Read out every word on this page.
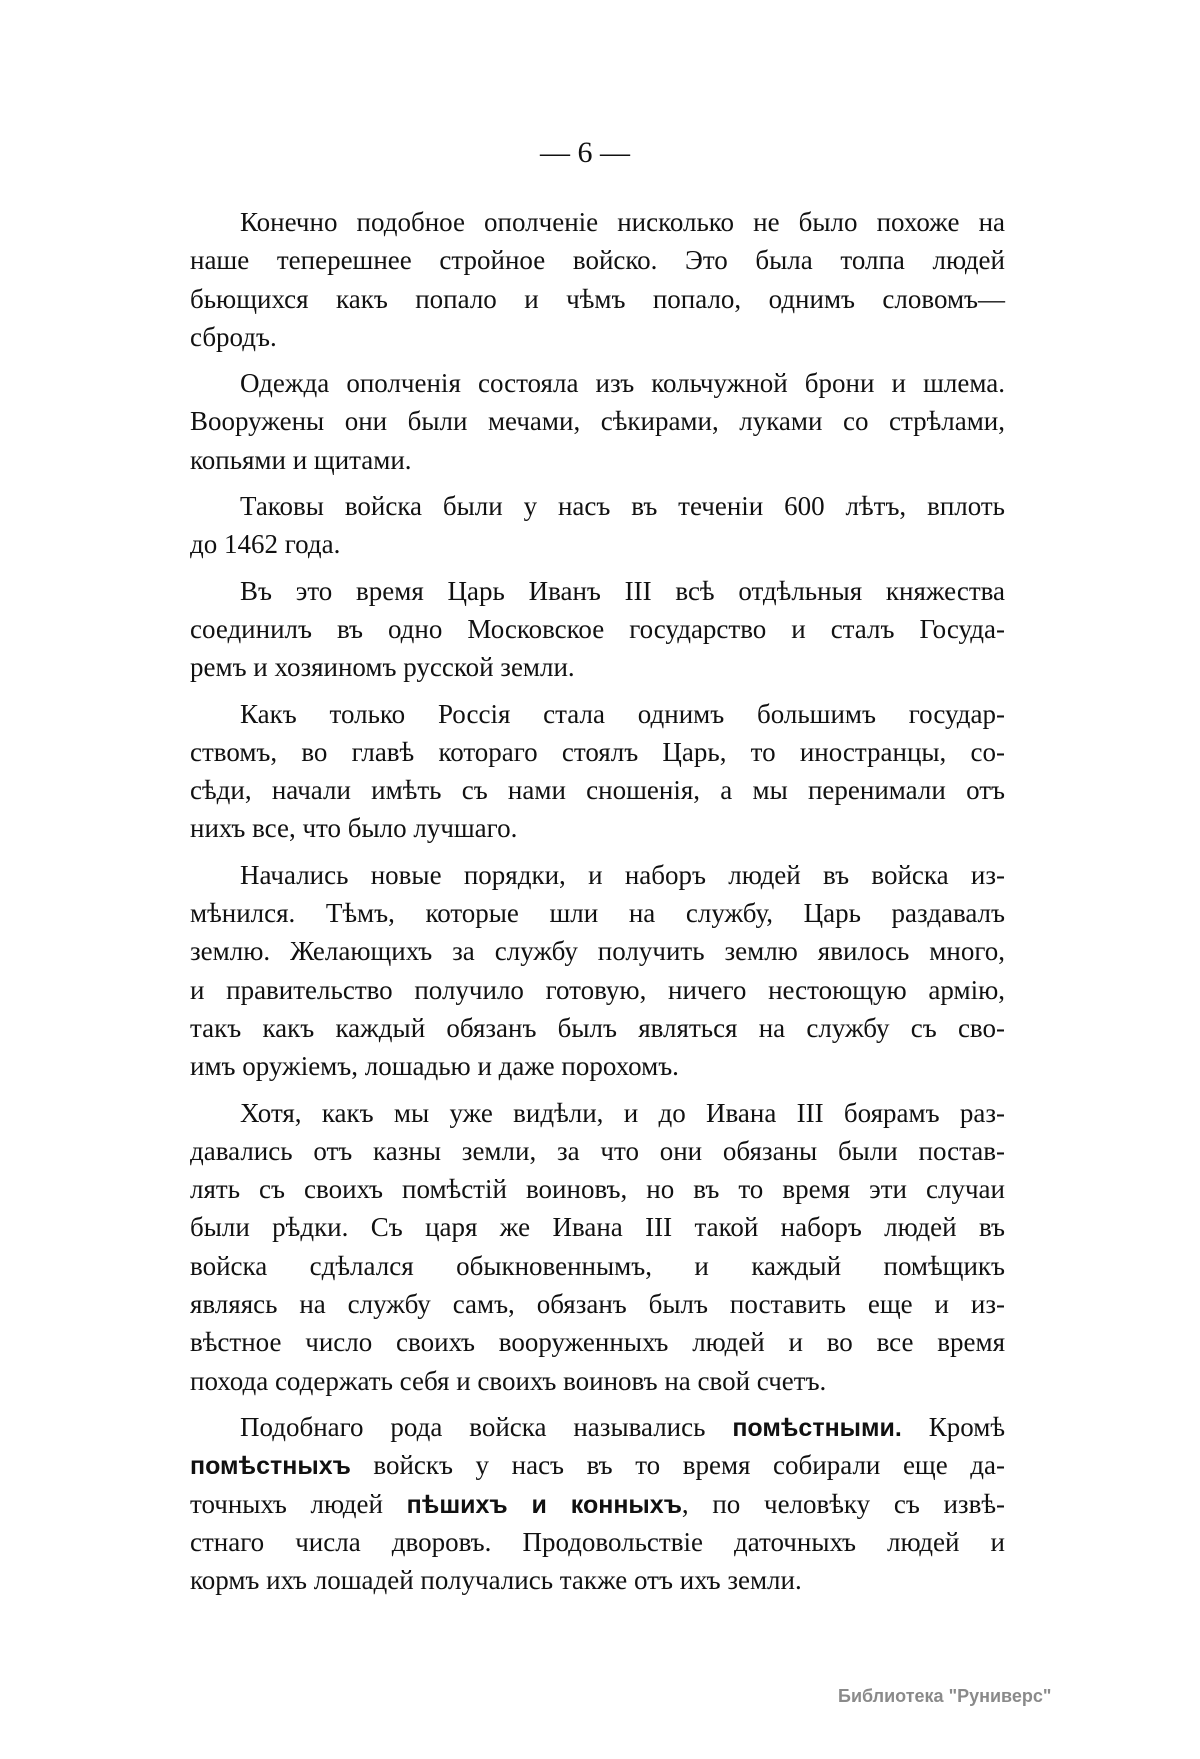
— 6 —
Конечно подобное ополченіе нисколько не было похоже на
наше теперешнее стройное войско. Это была толпа людей
бьющихся какъ попало и чѣмъ попало, однимъ словомъ—
сбродъ.
Одежда ополченія состояла изъ кольчужной брони и шлема.
Вооружены они были мечами, сѣкирами, луками со стрѣлами,
копьями и щитами.
Таковы войска были у насъ въ теченіи 600 лѣтъ, вплоть
до 1462 года.
Въ это время Царь Иванъ III всѣ отдѣльныя княжества
соединилъ въ одно Московское государство и сталъ Госуда-
ремъ и хозяиномъ русской земли.
Какъ только Россія стала однимъ большимъ государ-
ствомъ, во главѣ котораго стоялъ Царь, то иностранцы, со-
сѣди, начали имѣть съ нами сношенія, а мы перенимали отъ
нихъ все, что было лучшаго.
Начались новые порядки, и наборъ людей въ войска из-
мѣнился. Тѣмъ, которые шли на службу, Царь раздавалъ
землю. Желающихъ за службу получить землю явилось много,
и правительство получило готовую, ничего нестоющую армію,
такъ какъ каждый обязанъ былъ являться на службу съ сво-
имъ оружіемъ, лошадью и даже порохомъ.
Хотя, какъ мы уже видѣли, и до Ивана III боярамъ раз-
давались отъ казны земли, за что они обязаны были постав-
лять съ своихъ помѣстій воиновъ, но въ то время эти случаи
были рѣдки. Съ царя же Ивана III такой наборъ людей въ
войска сдѣлался обыкновеннымъ, и каждый помѣщикъ
являясь на службу самъ, обязанъ былъ поставить еще и из-
вѣстное число своихъ вооруженныхъ людей и во все время
похода содержать себя и своихъ воиновъ на свой счетъ.
Подобнаго рода войска назывались помѣстными. Кромѣ
помѣстныхъ войскъ у насъ въ то время собирали еще да-
точныхъ людей пѣшихъ и конныхъ, по человѣку съ извѣ-
стнаго числа дворовъ. Продовольствіе даточныхъ людей и
кормъ ихъ лошадей получались также отъ ихъ земли.
Библиотека "Руниверс"
